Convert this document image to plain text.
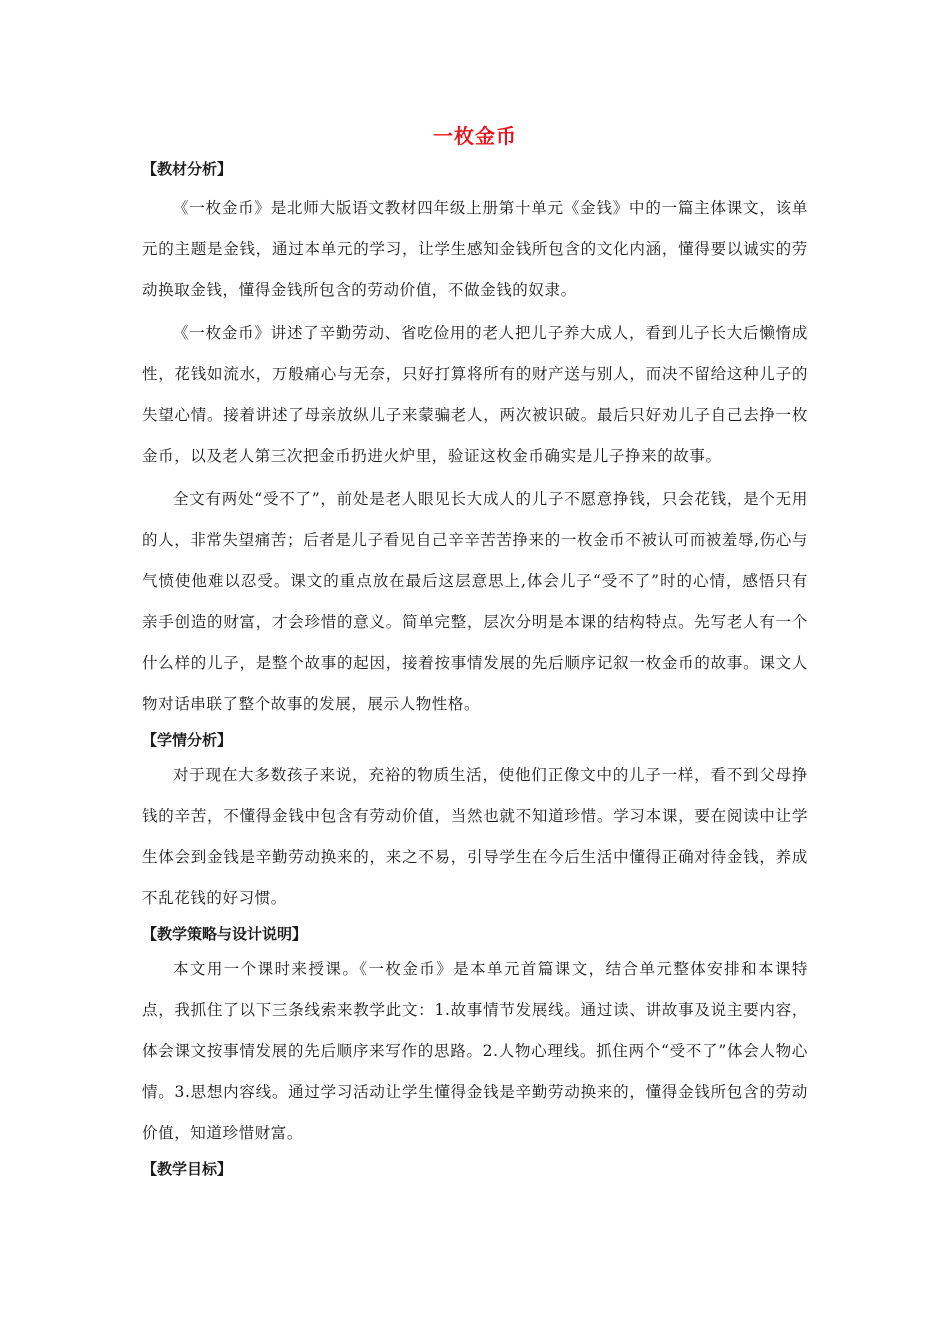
一枚金币

【教材分析】

《一枚金币》是北师大版语文教材四年级上册第十单元《金钱》中的一篇主体课文，该单元的主题是金钱，通过本单元的学习，让学生感知金钱所包含的文化内涵，懂得要以诚实的劳动换取金钱，懂得金钱所包含的劳动价值，不做金钱的奴隶。

《一枚金币》讲述了辛勤劳动、省吃俭用的老人把儿子养大成人，看到儿子长大后懒惰成性，花钱如流水，万般痛心与无奈，只好打算将所有的财产送与别人，而决不留给这种儿子的失望心情。接着讲述了母亲放纵儿子来蒙骗老人，两次被识破。最后只好劝儿子自己去挣一枚金币，以及老人第三次把金币扔进火炉里，验证这枚金币确实是儿子挣来的故事。

全文有两处“受不了”，前处是老人眼见长大成人的儿子不愿意挣钱，只会花钱，是个无用的人，非常失望痛苦；后者是儿子看见自己辛辛苦苦挣来的一枚金币不被认可而被羞辱,伤心与气愤使他难以忍受。课文的重点放在最后这层意思上,体会儿子“受不了”时的心情，感悟只有亲手创造的财富，才会珍惜的意义。简单完整，层次分明是本课的结构特点。先写老人有一个什么样的儿子，是整个故事的起因，接着按事情发展的先后顺序记叙一枚金币的故事。课文人物对话串联了整个故事的发展，展示人物性格。

【学情分析】

对于现在大多数孩子来说，充裕的物质生活，使他们正像文中的儿子一样，看不到父母挣钱的辛苦，不懂得金钱中包含有劳动价值，当然也就不知道珍惜。学习本课，要在阅读中让学生体会到金钱是辛勤劳动换来的，来之不易，引导学生在今后生活中懂得正确对待金钱，养成不乱花钱的好习惯。

【教学策略与设计说明】

本文用一个课时来授课。《一枚金币》是本单元首篇课文，结合单元整体安排和本课特点，我抓住了以下三条线索来教学此文：1.故事情节发展线。通过读、讲故事及说主要内容，体会课文按事情发展的先后顺序来写作的思路。2.人物心理线。抓住两个“受不了”体会人物心情。3.思想内容线。通过学习活动让学生懂得金钱是辛勤劳动换来的，懂得金钱所包含的劳动价值，知道珍惜财富。

【教学目标】
